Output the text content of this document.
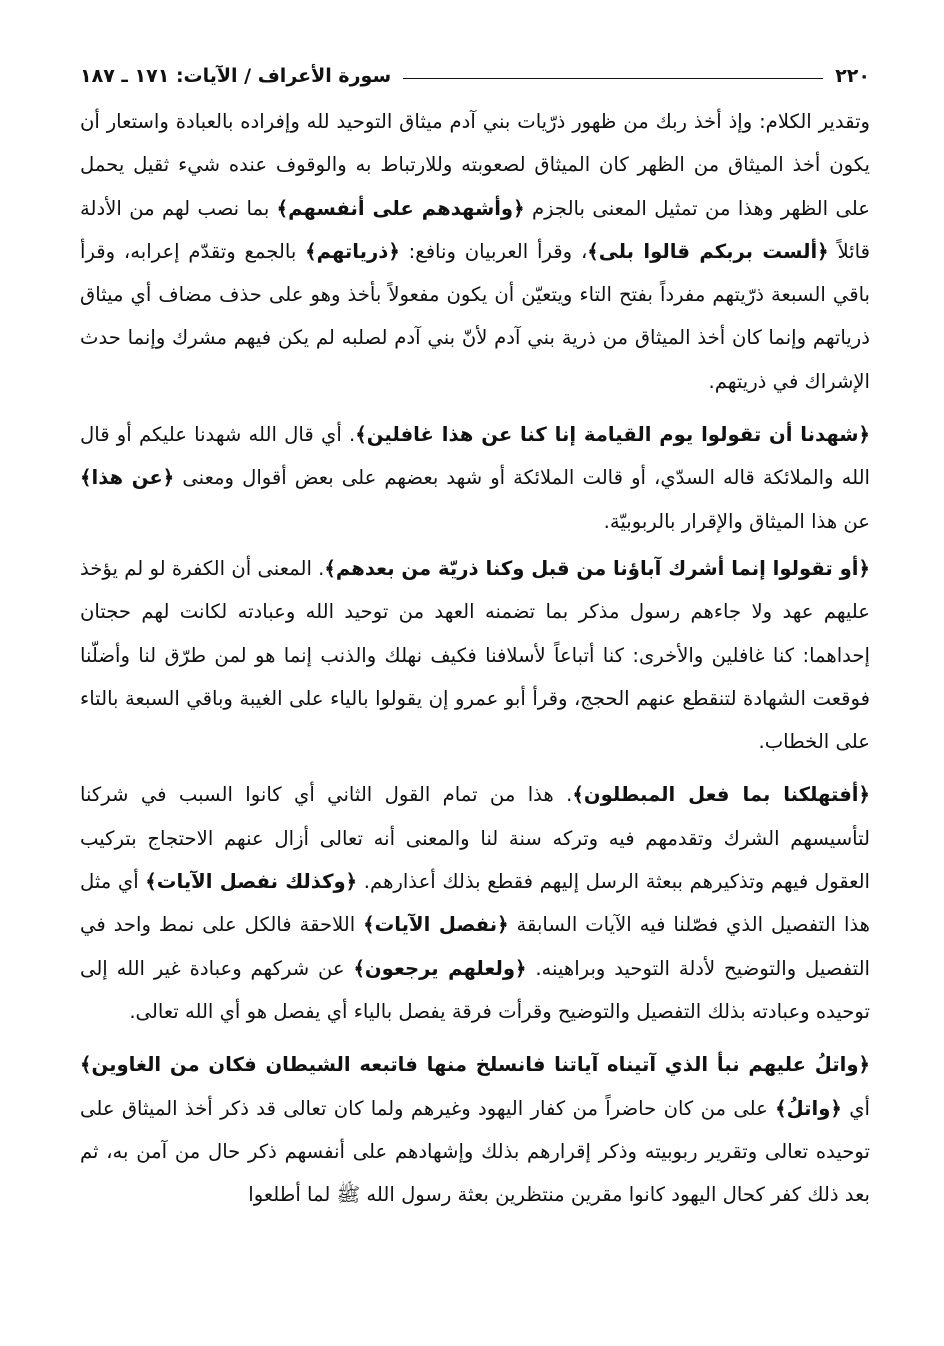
٢٢٠
سورة الأعراف / الآيات: ١٧١ ـ ١٨٧

وتقدير الكلام: وإذ أخذ ربك من ظهور ذرّيات بني آدم ميثاق التوحيد لله وإفراده بالعبادة واستعار أن يكون أخذ الميثاق من الظهر كان الميثاق لصعوبته وللارتباط به والوقوف عنده شيء ثقيل يحمل على الظهر وهذا من تمثيل المعنى بالجزم ﴿وأشهدهم على أنفسهم﴾ بما نصب لهم من الأدلة قائلاً ﴿ألست بربكم قالوا بلى﴾، وقرأ العربيان ونافع: ﴿ذرياتهم﴾ بالجمع وتقدّم إعرابه، وقرأ باقي السبعة ذرّيتهم مفرداً بفتح التاء ويتعيّن أن يكون مفعولاً بأخذ وهو على حذف مضاف أي ميثاق ذرياتهم وإنما كان أخذ الميثاق من ذرية بني آدم لأنّ بني آدم لصلبه لم يكن فيهم مشرك وإنما حدث الإشراك في ذريتهم.

﴿شهدنا أن تقولوا يوم القيامة إنا كنا عن هذا غافلين﴾. أي قال الله شهدنا عليكم أو قال الله والملائكة قاله السدّي، أو قالت الملائكة أو شهد بعضهم على بعض أقوال ومعنى ﴿عن هذا﴾ عن هذا الميثاق والإقرار بالربوبيّة.

﴿أو تقولوا إنما أشرك آباؤنا من قبل وكنا ذريّة من بعدهم﴾. المعنى أن الكفرة لو لم يؤخذ عليهم عهد ولا جاءهم رسول مذكر بما تضمنه العهد من توحيد الله وعبادته لكانت لهم حجتان إحداهما: كنا غافلين والأخرى: كنا أتباعاً لأسلافنا فكيف نهلك والذنب إنما هو لمن طرّق لنا وأضلّنا فوقعت الشهادة لتنقطع عنهم الحجج، وقرأ أبو عمرو إن يقولوا بالياء على الغيبة وباقي السبعة بالتاء على الخطاب.

﴿أفتهلكنا بما فعل المبطلون﴾. هذا من تمام القول الثاني أي كانوا السبب في شركنا لتأسيسهم الشرك وتقدمهم فيه وتركه سنة لنا والمعنى أنه تعالى أزال عنهم الاحتجاج بتركيب العقول فيهم وتذكيرهم ببعثة الرسل إليهم فقطع بذلك أعذارهم. ﴿وكذلك نفصل الآيات﴾ أي مثل هذا التفصيل الذي فصّلنا فيه الآيات السابقة ﴿نفصل الآيات﴾ اللاحقة فالكل على نمط واحد في التفصيل والتوضيح لأدلة التوحيد وبراهينه. ﴿ولعلهم يرجعون﴾ عن شركهم وعبادة غير الله إلى توحيده وعبادته بذلك التفصيل والتوضيح وقرأت فرقة يفصل بالياء أي يفصل هو أي الله تعالى.

﴿واتلُ عليهم نبأ الذي آتيناه آياتنا فانسلخ منها فاتبعه الشيطان فكان من الغاوين﴾ أي ﴿واتلُ﴾ على من كان حاضراً من كفار اليهود وغيرهم ولما كان تعالى قد ذكر أخذ الميثاق على توحيده تعالى وتقرير ربوبيته وذكر إقرارهم بذلك وإشهادهم على أنفسهم ذكر حال من آمن به، ثم بعد ذلك كفر كحال اليهود كانوا مقرين منتظرين بعثة رسول الله ﷺ لما أطلعوا
